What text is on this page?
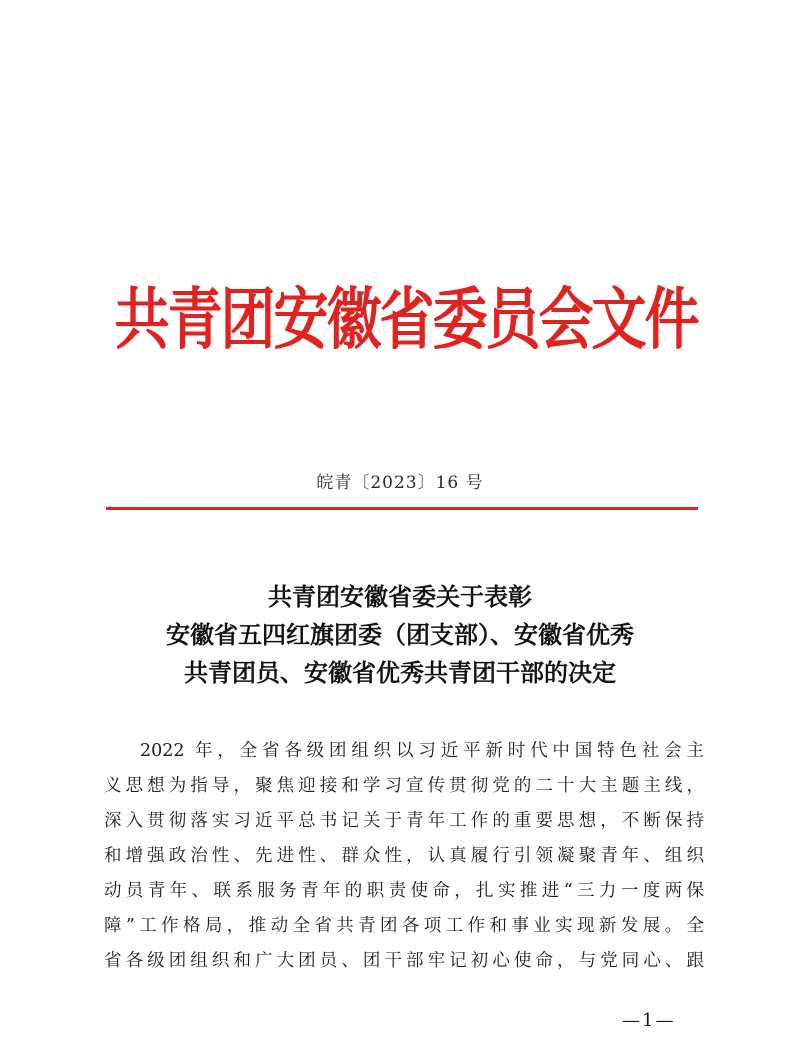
共青团安徽省委员会文件
皖青〔2023〕16 号
共青团安徽省委关于表彰
安徽省五四红旗团委（团支部）、安徽省优秀
共青团员、安徽省优秀共青团干部的决定
2022 年，全省各级团组织以习近平新时代中国特色社会主
义思想为指导，聚焦迎接和学习宣传贯彻党的二十大主题主线，
深入贯彻落实习近平总书记关于青年工作的重要思想，不断保持
和增强政治性、先进性、群众性，认真履行引领凝聚青年、组织
动员青年、联系服务青年的职责使命，扎实推进“三力一度两保
障”工作格局，推动全省共青团各项工作和事业实现新发展。全
省各级团组织和广大团员、团干部牢记初心使命，与党同心、跟
—1—
